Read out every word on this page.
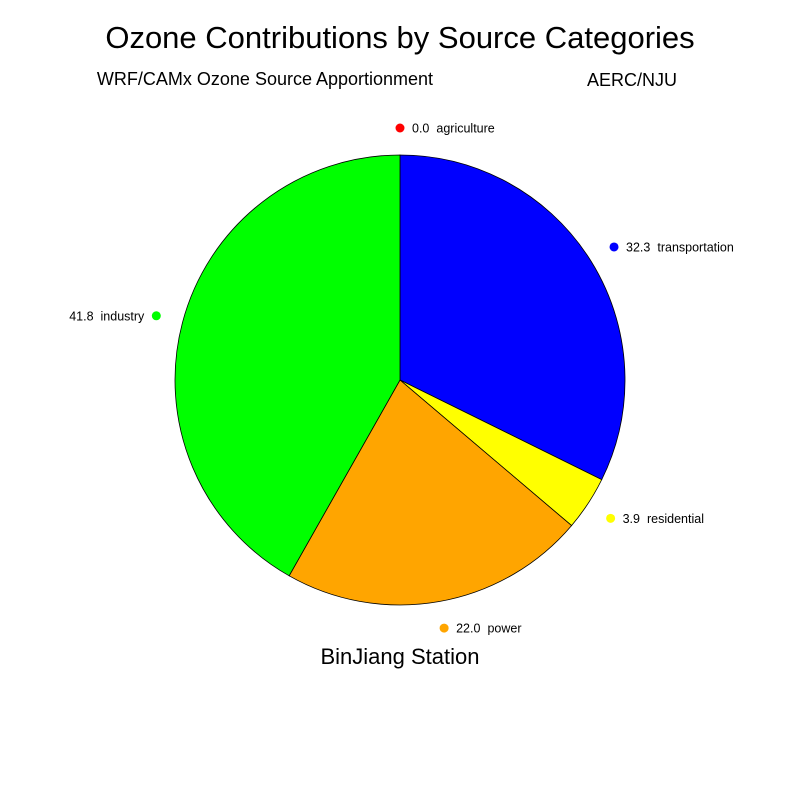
Ozone Contributions by Source Categories
WRF/CAMx Ozone Source Apportionment	AERC/NJU
0.0 agriculture
32.3 transportation
3.9 residential
22.0 power
41.8 industry
BinJiang Station
